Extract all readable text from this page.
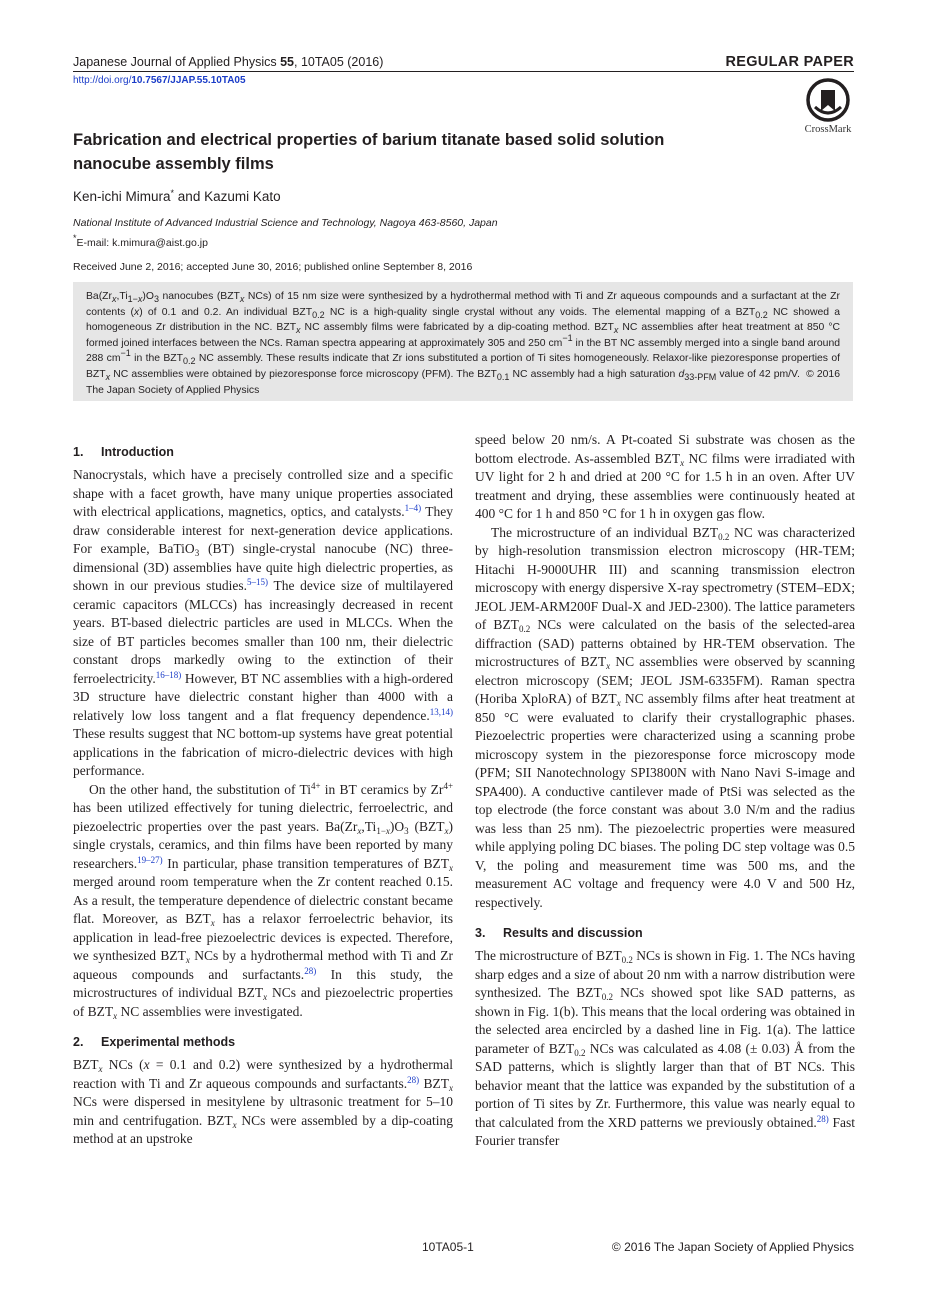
Japanese Journal of Applied Physics 55, 10TA05 (2016)
http://doi.org/10.7567/JJAP.55.10TA05
REGULAR PAPER
CrossMark
Fabrication and electrical properties of barium titanate based solid solution
nanocube assembly films
Ken-ichi Mimura* and Kazumi Kato
National Institute of Advanced Industrial Science and Technology, Nagoya 463-8560, Japan
*E-mail: k.mimura@aist.go.jp
Received June 2, 2016; accepted June 30, 2016; published online September 8, 2016
$Ba(Zr_x,Ti_{1-x})O_3$ nanocubes ($BZT_x$ NCs) of 15 nm size were synthesized by a hydrothermal method with Ti and Zr aqueous compounds and a surfactant at the Zr contents (x) of 0.1 and 0.2. An individual $BZT_{0.2}$ NC is a high-quality single crystal without any voids. The elemental mapping of a $BZT_{0.2}$ NC showed a homogeneous Zr distribution in the NC. $BZT_x$ NC assembly films were fabricated by a dip-coating method. $BZT_x$ NC assemblies after heat treatment at 850 °C formed joined interfaces between the NCs. Raman spectra appearing at approximately 305 and 250 $cm^{-1}$ in the BT NC assembly merged into a single band around 288 $cm^{-1}$ in the $BZT_{0.2}$ NC assembly. These results indicate that Zr ions substituted a portion of Ti sites homogeneously. Relaxor-like piezoresponse properties of $BZT_x$ NC assemblies were obtained by piezoresponse force microscopy (PFM). The $BZT_{0.1}$ NC assembly had a high saturation $d_{33-PFM}$ value of 42 pm/V.  © 2016 The Japan Society of Applied Physics
1. Introduction

Nanocrystals, which have a precisely controlled size and a specific shape with a facet growth, have many unique properties associated with electrical applications, magnetics, optics, and catalysts.$^{1-4)}$ They draw considerable interest for next-generation device applications. For example, BaTiO$_3$ (BT) single-crystal nanocube (NC) three-dimensional (3D) assemblies have quite high dielectric properties, as shown in our previous studies.$^{5-15)}$ The device size of multilayered ceramic capacitors (MLCCs) has increasingly decreased in recent years. BT-based dielectric particles are used in MLCCs. When the size of BT particles becomes smaller than 100 nm, their dielectric constant drops markedly owing to the extinction of their ferroelectricity.$^{16-18)}$ However, BT NC assemblies with a high-ordered 3D structure have dielectric constant higher than 4000 with a relatively low loss tangent and a flat frequency dependence.$^{13,14)}$ These results suggest that NC bottom-up systems have great potential applications in the fabrication of micro-dielectric devices with high performance.

On the other hand, the substitution of $Ti^{4+}$ in BT ceramics by $Zr^{4+}$ has been utilized effectively for tuning dielectric, ferroelectric, and piezoelectric properties over the past years. $Ba(Zr_x,Ti_{1-x})O_3$ $(BZT_x)$ single crystals, ceramics, and thin films have been reported by many researchers.$^{19-27)}$ In particular, phase transition temperatures of $BZT_x$ merged around room temperature when the Zr content reached 0.15. As a result, the temperature dependence of dielectric constant became flat. Moreover, as $BZT_x$ has a relaxor ferroelectric behavior, its application in lead-free piezoelectric devices is expected. Therefore, we synthesized $BZT_x$ NCs by a hydrothermal method with Ti and Zr aqueous compounds and surfactants.$^{28)}$ In this study, the microstructures of individual $BZT_x$ NCs and piezoelectric properties of $BZT_x$ NC assemblies were investigated.

2. Experimental methods

$BZT_x$ NCs (x = 0.1 and 0.2) were synthesized by a hydrothermal reaction with Ti and Zr aqueous compounds and surfactants.$^{28)}$ $BZT_x$ NCs were dispersed in mesitylene by ultrasonic treatment for 5–10 min and centrifugation. $BZT_x$ NCs were assembled by a dip-coating method at an upstroke

speed below 20 nm/s. A Pt-coated Si substrate was chosen as the bottom electrode. As-assembled $BZT_x$ NC films were irradiated with UV light for 2 h and dried at 200 °C for 1.5 h in an oven. After UV treatment and drying, these assemblies were continuously heated at 400 °C for 1 h and 850 °C for 1 h in oxygen gas flow.

The microstructure of an individual $BZT_{0.2}$ NC was characterized by high-resolution transmission electron microscopy (HR-TEM; Hitachi H-9000UHR III) and scanning transmission electron microscopy with energy dispersive X-ray spectrometry (STEM–EDX; JEOL JEM-ARM200F Dual-X and JED-2300). The lattice parameters of $BZT_{0.2}$ NCs were calculated on the basis of the selected-area diffraction (SAD) patterns obtained by HR-TEM observation. The microstructures of $BZT_x$ NC assemblies were observed by scanning electron microscopy (SEM; JEOL JSM-6335FM). Raman spectra (Horiba XploRA) of $BZT_x$ NC assembly films after heat treatment at 850 °C were evaluated to clarify their crystallographic phases. Piezoelectric properties were characterized using a scanning probe microscopy system in the piezoresponse force microscopy mode (PFM; SII Nanotechnology SPI3800N with Nano Navi S-image and SPA400). A conductive cantilever made of PtSi was selected as the top electrode (the force constant was about 3.0 N/m and the radius was less than 25 nm). The piezoelectric properties were measured while applying poling DC biases. The poling DC step voltage was 0.5 V, the poling and measurement time was 500 ms, and the measurement AC voltage and frequency were 4.0 V and 500 Hz, respectively.

3. Results and discussion

The microstructure of $BZT_{0.2}$ NCs is shown in Fig. 1. The NCs having sharp edges and a size of about 20 nm with a narrow distribution were synthesized. The $BZT_{0.2}$ NCs showed spot like SAD patterns, as shown in Fig. 1(b). This means that the local ordering was obtained in the selected area encircled by a dashed line in Fig. 1(a). The lattice parameter of $BZT_{0.2}$ NCs was calculated as 4.08 (± 0.03) Å from the SAD patterns, which is slightly larger than that of BT NCs. This behavior meant that the lattice was expanded by the substitution of a portion of Ti sites by Zr. Furthermore, this value was nearly equal to that calculated from the XRD patterns we previously obtained.$^{28)}$ Fast Fourier transfer

10TA05-1	© 2016 The Japan Society of Applied Physics
